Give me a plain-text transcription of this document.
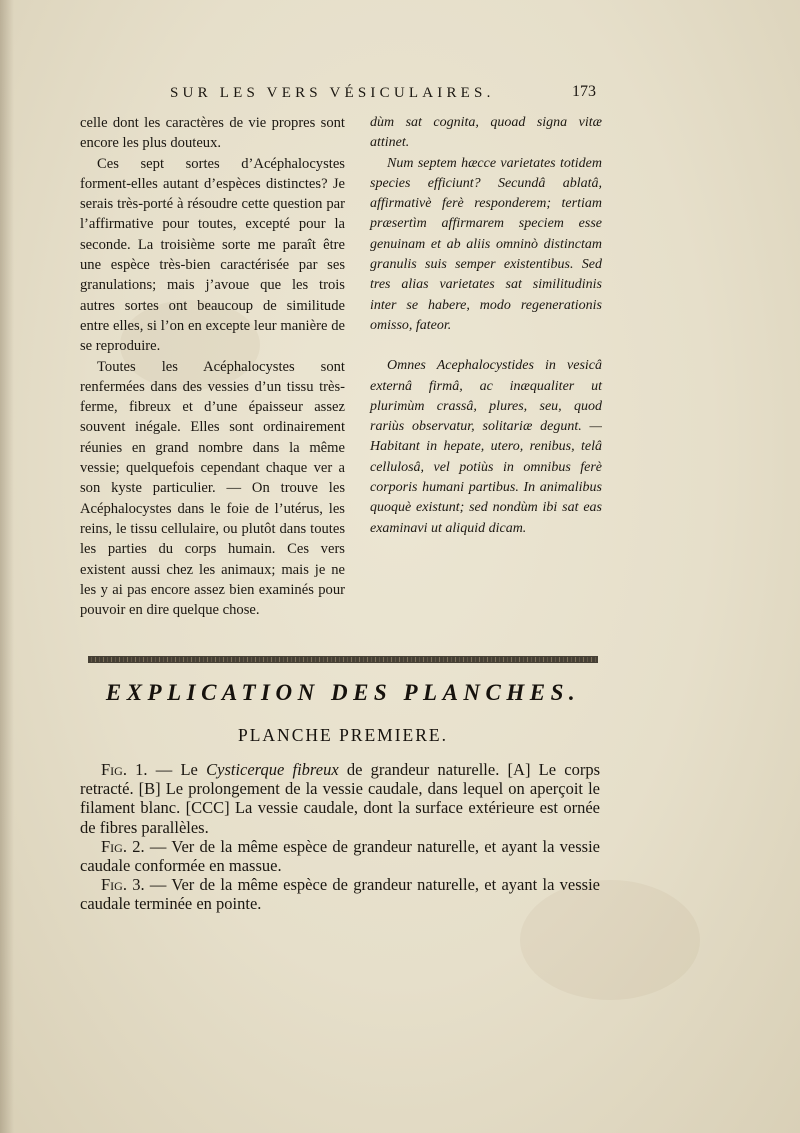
SUR LES VERS VÉSICULAIRES.	173

celle dont les caractères de vie propres sont encore les plus douteux.

Ces sept sortes d’Acéphalocystes forment-elles autant d’espèces distinctes? Je serais très-porté à résoudre cette question par l’affirmative pour toutes, excepté pour la seconde. La troisième sorte me paraît être une espèce très-bien caractérisée par ses granulations; mais j’avoue que les trois autres sortes ont beaucoup de similitude entre elles, si l’on en excepte leur manière de se reproduire.

Toutes les Acéphalocystes sont renfermées dans des vessies d’un tissu très-ferme, fibreux et d’une épaisseur assez souvent inégale. Elles sont ordinairement réunies en grand nombre dans la même vessie; quelquefois cependant chaque ver a son kyste particulier. — On trouve les Acéphalocystes dans le foie de l’utérus, les reins, le tissu cellulaire, ou plutôt dans toutes les parties du corps humain. Ces vers existent aussi chez les animaux; mais je ne les y ai pas encore assez bien examinés pour pouvoir en dire quelque chose.

dùm sat cognita, quoad signa vitæ attinet.

Num septem hæcce varietates totidem species efficiunt? Secundâ ablatâ, affirmativè ferè responderem; tertiam præsertìm affirmarem speciem esse genuinam et ab aliis omninò distinctam granulis suis semper existentibus. Sed tres alias varietates sat similitudinis inter se habere, modo regenerationis omisso, fateor.

Omnes Acephalocystides in vesicâ externâ firmâ, ac inæqualiter ut plurimùm crassâ, plures, seu, quod rariùs observatur, solitariæ degunt. — Habitant in hepate, utero, renibus, telâ cellulosâ, vel potiùs in omnibus ferè corporis humani partibus. In animalibus quoquè existunt; sed nondùm ibi sat eas examinavi ut aliquid dicam.

EXPLICATION DES PLANCHES.
PLANCHE PREMIERE.

Fig. 1. — Le Cysticerque fibreux de grandeur naturelle. [A] Le corps retracté. [B] Le prolongement de la vessie caudale, dans lequel on aperçoit le filament blanc. [CCC] La vessie caudale, dont la surface extérieure est ornée de fibres parallèles.

Fig. 2. — Ver de la même espèce de grandeur naturelle, et ayant la vessie caudale conformée en massue.

Fig. 3. — Ver de la même espèce de grandeur naturelle, et ayant la vessie caudale terminée en pointe.
